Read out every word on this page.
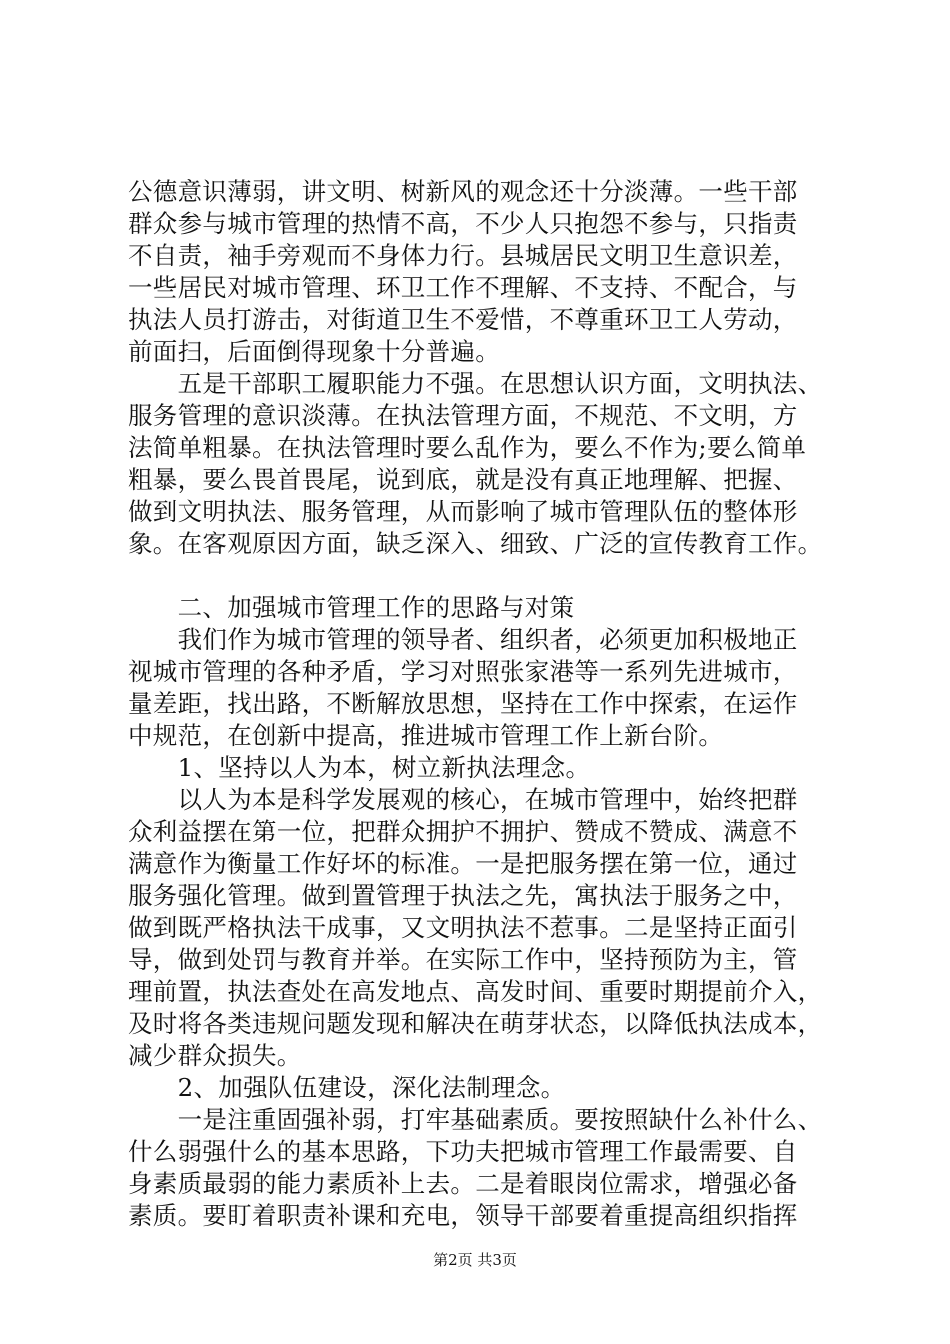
公德意识薄弱，讲文明、树新风的观念还十分淡薄。一些干部
群众参与城市管理的热情不高，不少人只抱怨不参与，只指责
不自责，袖手旁观而不身体力行。县城居民文明卫生意识差，
一些居民对城市管理、环卫工作不理解、不支持、不配合，与
执法人员打游击，对街道卫生不爱惜，不尊重环卫工人劳动，
前面扫，后面倒得现象十分普遍。
　　五是干部职工履职能力不强。在思想认识方面，文明执法、
服务管理的意识淡薄。在执法管理方面，不规范、不文明，方
法简单粗暴。在执法管理时要么乱作为，要么不作为;要么简单
粗暴，要么畏首畏尾，说到底，就是没有真正地理解、把握、
做到文明执法、服务管理，从而影响了城市管理队伍的整体形
象。在客观原因方面，缺乏深入、细致、广泛的宣传教育工作。
　　二、加强城市管理工作的思路与对策
　　我们作为城市管理的领导者、组织者，必须更加积极地正
视城市管理的各种矛盾，学习对照张家港等一系列先进城市，
量差距，找出路，不断解放思想，坚持在工作中探索，在运作
中规范，在创新中提高，推进城市管理工作上新台阶。
　　1、坚持以人为本，树立新执法理念。
　　以人为本是科学发展观的核心，在城市管理中，始终把群
众利益摆在第一位，把群众拥护不拥护、赞成不赞成、满意不
满意作为衡量工作好坏的标准。一是把服务摆在第一位，通过
服务强化管理。做到置管理于执法之先，寓执法于服务之中，
做到既严格执法干成事，又文明执法不惹事。二是坚持正面引
导，做到处罚与教育并举。在实际工作中，坚持预防为主，管
理前置，执法查处在高发地点、高发时间、重要时期提前介入，
及时将各类违规问题发现和解决在萌芽状态，以降低执法成本，
减少群众损失。
　　2、加强队伍建设，深化法制理念。
　　一是注重固强补弱，打牢基础素质。要按照缺什么补什么、
什么弱强什么的基本思路，下功夫把城市管理工作最需要、自
身素质最弱的能力素质补上去。二是着眼岗位需求，增强必备
素质。要盯着职责补课和充电，领导干部要着重提高组织指挥
第2页 共3页
